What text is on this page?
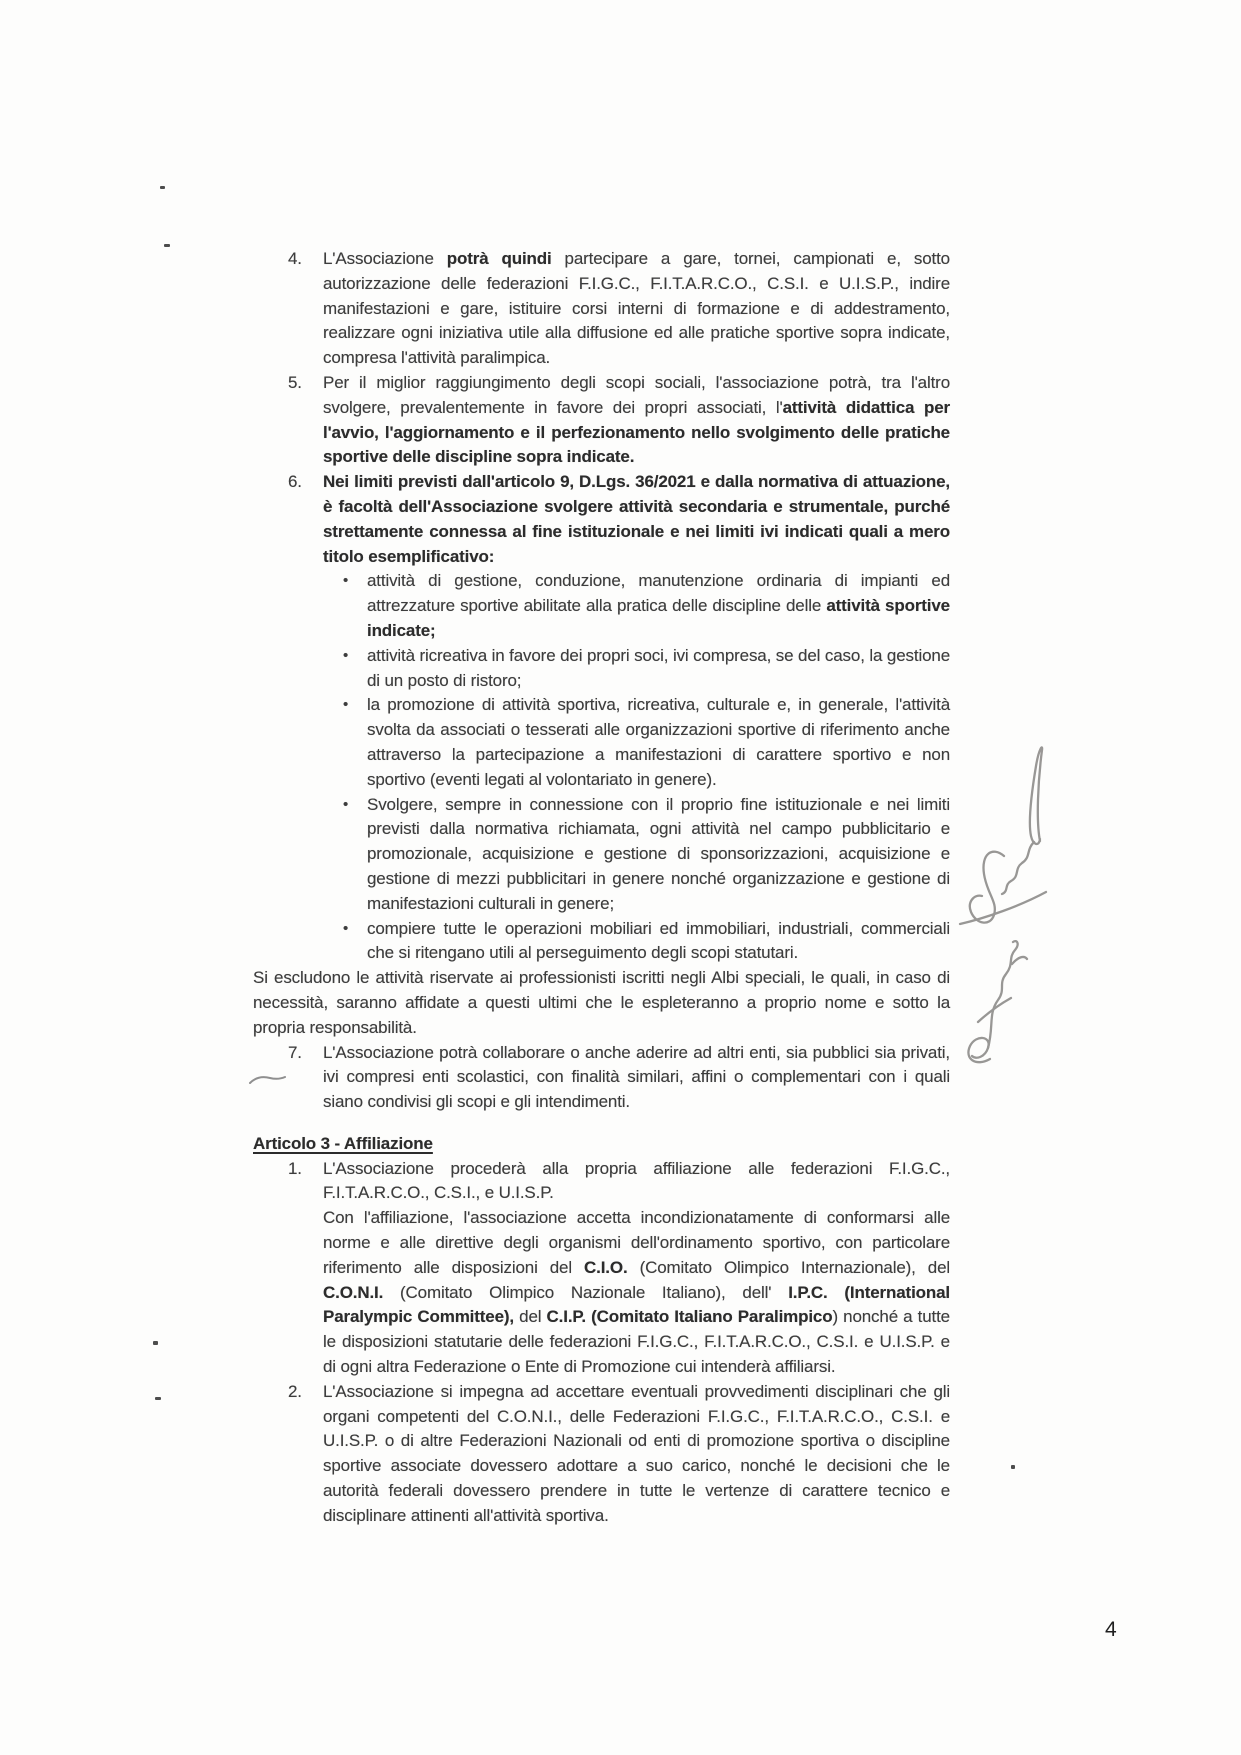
4.	L'Associazione potrà quindi partecipare a gare, tornei, campionati e, sotto autorizzazione delle federazioni F.I.G.C., F.I.T.A.R.C.O., C.S.I. e U.I.S.P., indire manifestazioni e gare, istituire corsi interni di formazione e di addestramento, realizzare ogni iniziativa utile alla diffusione ed alle pratiche sportive sopra indicate, compresa l'attività paralimpica.
5.	Per il miglior raggiungimento degli scopi sociali, l'associazione potrà, tra l'altro svolgere, prevalentemente in favore dei propri associati, l'attività didattica per l'avvio, l'aggiornamento e il perfezionamento nello svolgimento delle pratiche sportive delle discipline sopra indicate.
6.	Nei limiti previsti dall'articolo 9, D.Lgs. 36/2021 e dalla normativa di attuazione, è facoltà dell'Associazione svolgere attività secondaria e strumentale, purché strettamente connessa al fine istituzionale e nei limiti ivi indicati quali a mero titolo esemplificativo:
•	attività di gestione, conduzione, manutenzione ordinaria di impianti ed attrezzature sportive abilitate alla pratica delle discipline delle attività sportive indicate;
•	attività ricreativa in favore dei propri soci, ivi compresa, se del caso, la gestione di un posto di ristoro;
•	la promozione di attività sportiva, ricreativa, culturale e, in generale, l'attività svolta da associati o tesserati alle organizzazioni sportive di riferimento anche attraverso la partecipazione a manifestazioni di carattere sportivo e non sportivo (eventi legati al volontariato in genere).
•	Svolgere, sempre in connessione con il proprio fine istituzionale e nei limiti previsti dalla normativa richiamata, ogni attività nel campo pubblicitario e promozionale, acquisizione e gestione di sponsorizzazioni, acquisizione e gestione di mezzi pubblicitari in genere nonché organizzazione e gestione di manifestazioni culturali in genere;
•	compiere tutte le operazioni mobiliari ed immobiliari, industriali, commerciali che si ritengano utili al perseguimento degli scopi statutari.
Si escludono le attività riservate ai professionisti iscritti negli Albi speciali, le quali, in caso di necessità, saranno affidate a questi ultimi che le espleteranno a proprio nome e sotto la propria responsabilità.
7.	L'Associazione potrà collaborare o anche aderire ad altri enti, sia pubblici sia privati, ivi compresi enti scolastici, con finalità similari, affini o complementari con i quali siano condivisi gli scopi e gli intendimenti.
Articolo 3 - Affiliazione
1.	L'Associazione procederà alla propria affiliazione alle federazioni F.I.G.C., F.I.T.A.R.C.O., C.S.I., e U.I.S.P.
Con l'affiliazione, l'associazione accetta incondizionatamente di conformarsi alle norme e alle direttive degli organismi dell'ordinamento sportivo, con particolare riferimento alle disposizioni del C.I.O. (Comitato Olimpico Internazionale), del C.O.N.I. (Comitato Olimpico Nazionale Italiano), dell' I.P.C. (International Paralympic Committee), del C.I.P. (Comitato Italiano Paralimpico) nonché a tutte le disposizioni statutarie delle federazioni F.I.G.C., F.I.T.A.R.C.O., C.S.I. e U.I.S.P. e di ogni altra Federazione o Ente di Promozione cui intenderà affiliarsi.
2.	L'Associazione si impegna ad accettare eventuali provvedimenti disciplinari che gli organi competenti del C.O.N.I., delle Federazioni F.I.G.C., F.I.T.A.R.C.O., C.S.I. e U.I.S.P. o di altre Federazioni Nazionali od enti di promozione sportiva o discipline sportive associate dovessero adottare a suo carico, nonché le decisioni che le autorità federali dovessero prendere in tutte le vertenze di carattere tecnico e disciplinare attinenti all'attività sportiva.
4
